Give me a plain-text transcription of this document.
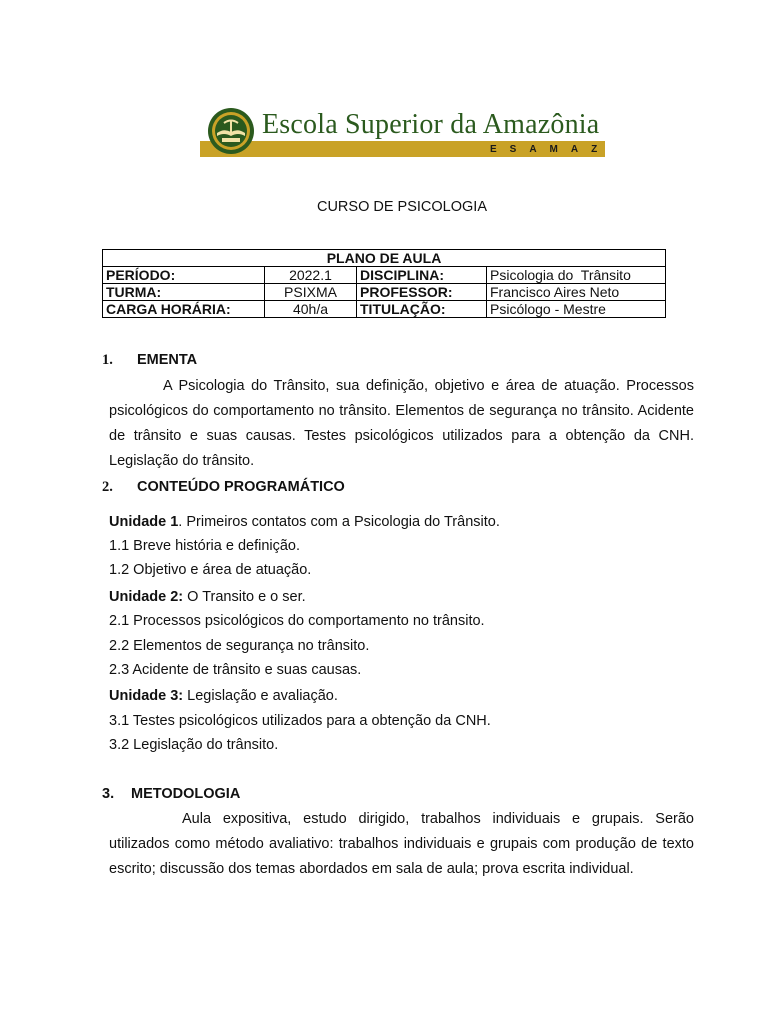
Escola Superior da Amazônia
ESAMAZ
CURSO DE PSICOLOGIA
PLANO DE AULA			
PERÍODO:	2022.1	DISCIPLINA:	Psicologia do  Trânsito
TURMA:	PSIXMA	PROFESSOR:	Francisco Aires Neto
CARGA HORÁRIA:	40h/a	TITULAÇÃO:	Psicólogo - Mestre
1. EMENTA
A Psicologia do Trânsito, sua definição, objetivo e área de atuação. Processos psicológicos do comportamento no trânsito. Elementos de segurança no trânsito. Acidente de trânsito e suas causas. Testes psicológicos utilizados para a obtenção da CNH. Legislação do trânsito.
2. CONTEÚDO PROGRAMÁTICO
Unidade 1. Primeiros contatos com a Psicologia do Trânsito.
1.1 Breve história e definição.
1.2 Objetivo e área de atuação.
Unidade 2: O Transito e o ser.
2.1 Processos psicológicos do comportamento no trânsito.
2.2 Elementos de segurança no trânsito.
2.3 Acidente de trânsito e suas causas.
Unidade 3: Legislação e avaliação.
3.1 Testes psicológicos utilizados para a obtenção da CNH.
3.2 Legislação do trânsito.
3. METODOLOGIA
Aula expositiva, estudo dirigido, trabalhos individuais e grupais. Serão utilizados como método avaliativo: trabalhos individuais e grupais com produção de texto escrito; discussão dos temas abordados em sala de aula; prova escrita individual.
